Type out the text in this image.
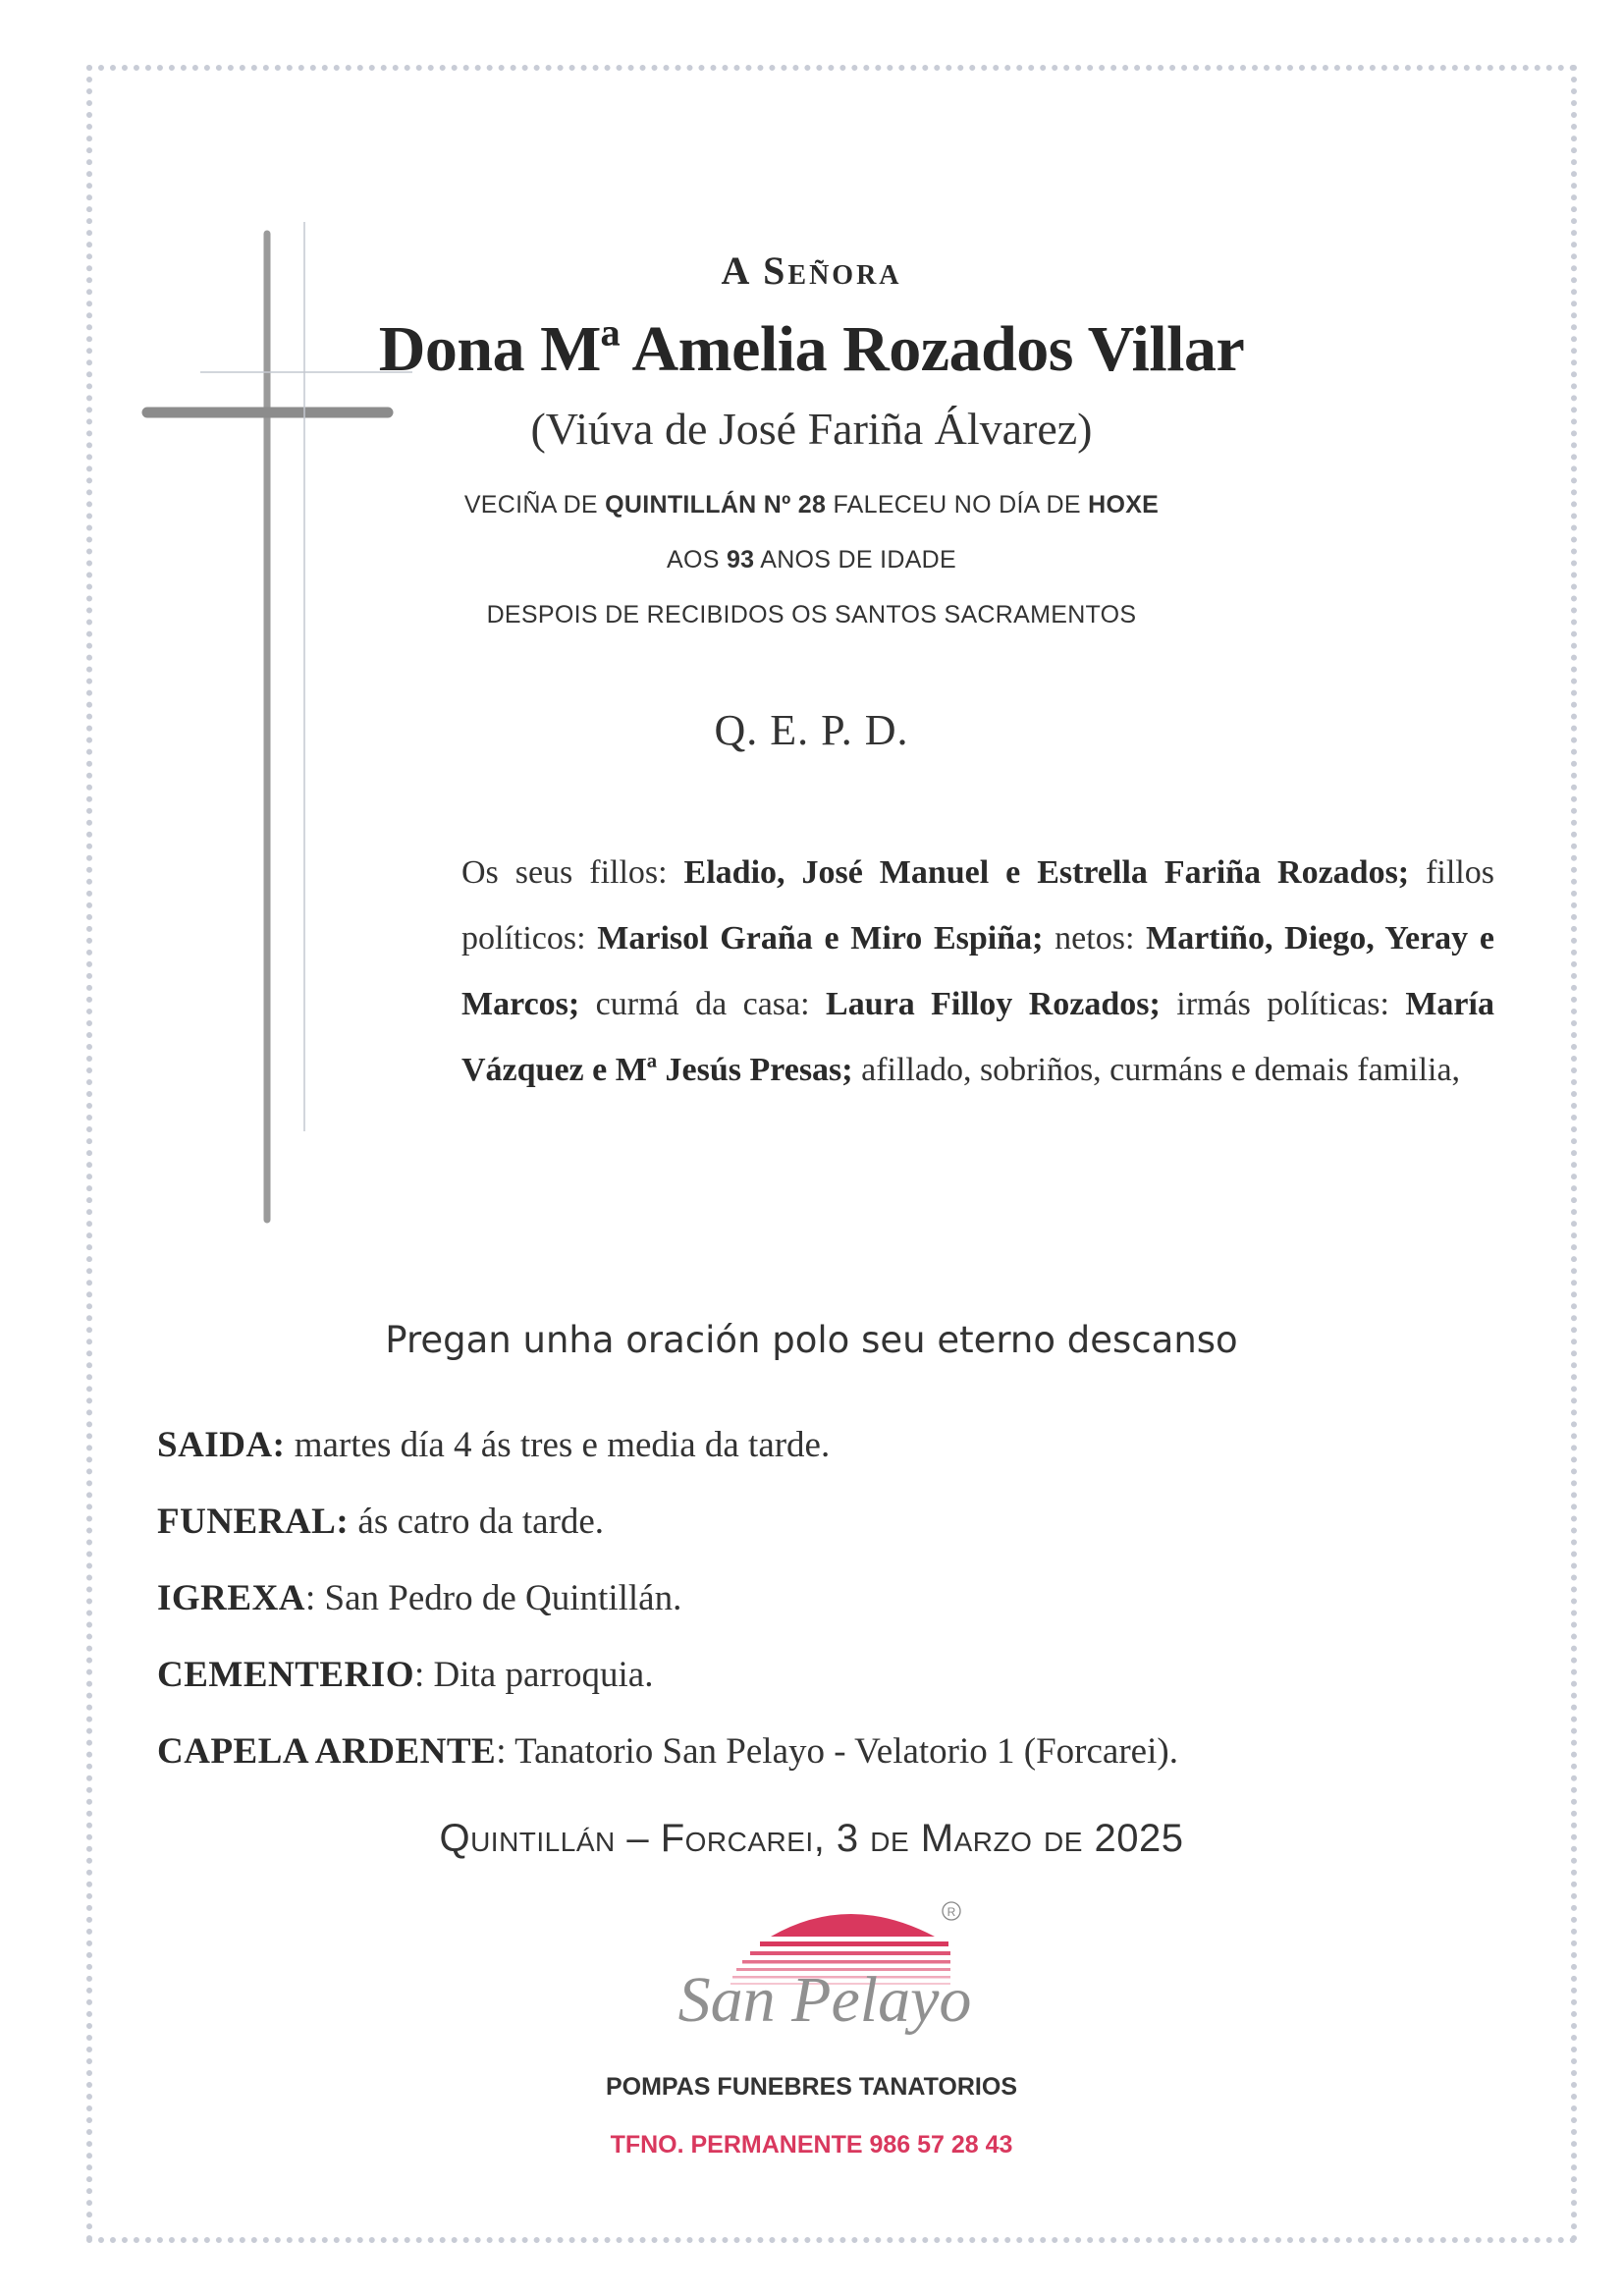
A Señora
Dona Mª Amelia Rozados Villar
(Viúva de José Fariña Álvarez)
VECIÑA DE QUINTILLÁN Nº 28 FALECEU NO DÍA DE HOXE
AOS 93 ANOS DE IDADE
DESPOIS DE RECIBIDOS OS SANTOS SACRAMENTOS
Q. E. P. D.
Os seus fillos: Eladio, José Manuel e Estrella Fariña Rozados; fillos políticos: Marisol Graña e Miro Espiña; netos: Martiño, Diego, Yeray e Marcos; curmá da casa: Laura Filloy Rozados; irmás políticas: María Vázquez e Mª Jesús Presas; afillado, sobriños, curmáns e demais familia,
Pregan unha oración polo seu eterno descanso
SAIDA: martes día 4 ás tres e media da tarde.
FUNERAL: ás catro da tarde.
IGREXA: San Pedro de Quintillán.
CEMENTERIO: Dita parroquia.
CAPELA ARDENTE: Tanatorio San Pelayo - Velatorio 1 (Forcarei).
Quintillán – Forcarei, 3 de Marzo de 2025
R
San Pelayo
POMPAS FUNEBRES TANATORIOS
TFNO. PERMANENTE 986 57 28 43
